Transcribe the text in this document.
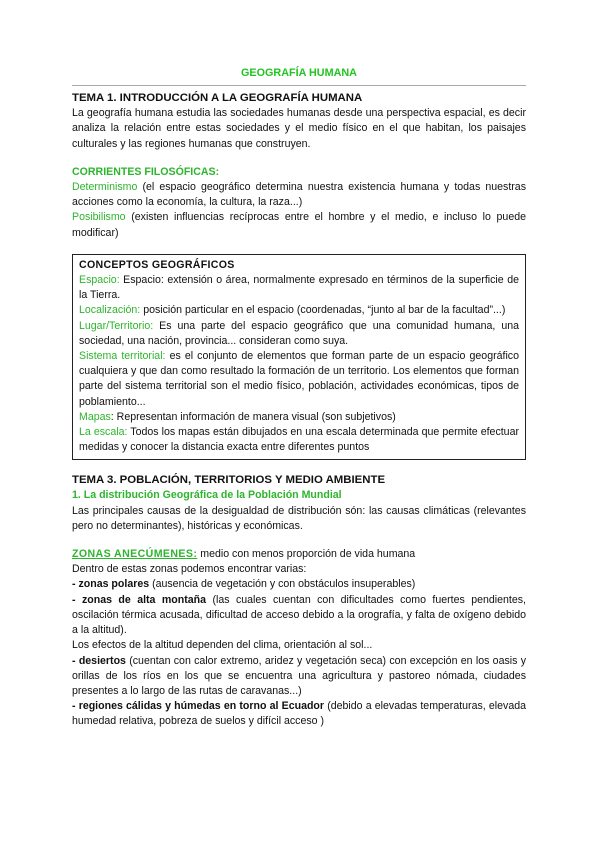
GEOGRAFÍA HUMANA
TEMA 1. INTRODUCCIÓN A LA GEOGRAFÍA HUMANA

La geografía humana estudia las sociedades humanas desde una perspectiva espacial, es decir analiza la relación entre estas sociedades y el medio físico en el que habitan, los paisajes culturales y las regiones humanas que construyen.

CORRIENTES FILOSÓFICAS:

Determinismo (el espacio geográfico determina nuestra existencia humana y todas nuestras acciones como la economía, la cultura, la raza...)

Posibilismo (existen influencias recíprocas entre el hombre y el medio, e incluso lo puede modificar)

CONCEPTOS GEOGRÁFICOS

Espacio: Espacio: extensión o área, normalmente expresado en términos de la superficie de la Tierra.

Localización: posición particular en el espacio (coordenadas, “junto al bar de la facultad”...)

Lugar/Territorio: Es una parte del espacio geográfico que una comunidad humana, una sociedad, una nación, provincia... consideran como suya.

Sistema territorial: es el conjunto de elementos que forman parte de un espacio geográfico cualquiera y que dan como resultado la formación de un territorio. Los elementos que forman parte del sistema territorial son el medio físico, población, actividades económicas, tipos de poblamiento...

Mapas: Representan información de manera visual (son subjetivos)

La escala: Todos los mapas están dibujados en una escala determinada que permite efectuar medidas y conocer la distancia exacta entre diferentes puntos

TEMA 3. POBLACIÓN, TERRITORIOS Y MEDIO AMBIENTE
1. La distribución Geográfica de la Población Mundial

Las principales causas de la desigualdad de distribución són: las causas climáticas (relevantes pero no determinantes), históricas y económicas.

ZONAS ANECÚMENES: medio con menos proporción de vida humana

Dentro de estas zonas podemos encontrar varias:

- zonas polares (ausencia de vegetación y con obstáculos insuperables)

- zonas de alta montaña (las cuales cuentan con dificultades como fuertes pendientes, oscilación térmica acusada, dificultad de acceso debido a la orografía, y falta de oxígeno debido a la altitud).

Los efectos de la altitud dependen del clima, orientación al sol...

- desiertos (cuentan con calor extremo, aridez y vegetación seca) con excepción en los oasis y orillas de los ríos en los que se encuentra una agricultura y pastoreo nómada, ciudades presentes a lo largo de las rutas de caravanas...)

- regiones cálidas y húmedas en torno al Ecuador (debido a elevadas temperaturas, elevada humedad relativa, pobreza de suelos y difícil acceso )
